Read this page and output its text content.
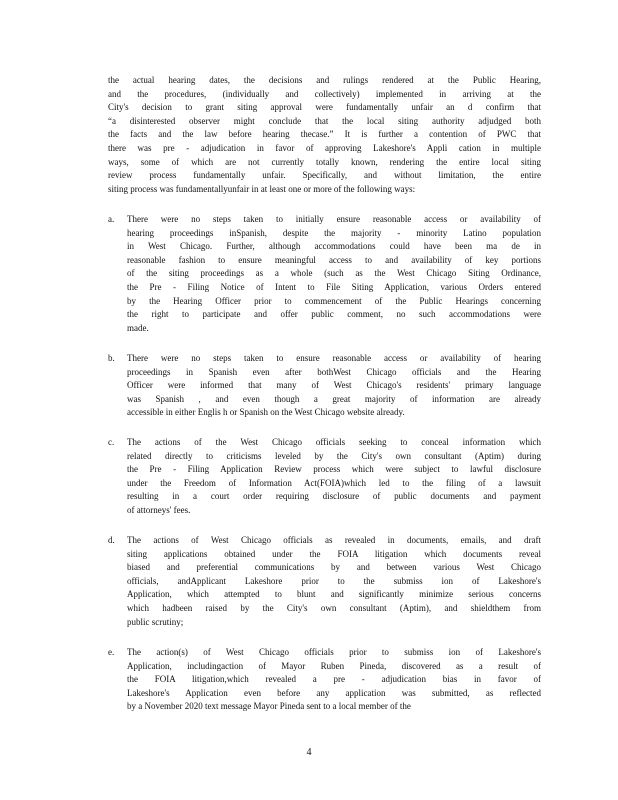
the actual hearing dates, the decisions and rulings rendered at the Public Hearing,
and the procedures, (individually and collectively) implemented in arriving at the
City's decision to grant siting approval were fundamentally unfair an d confirm that
“a disinterested observer might conclude that the local siting authority adjudged both
the facts and the law before hearing thecase.” It is further a contention of PWC that
there was pre - adjudication in favor of approving Lakeshore's Appli cation in multiple
ways, some of which are not currently totally known, rendering the entire local siting
review process fundamentally unfair. Specifically, and without limitation, the entire
siting process was fundamentallyunfair in at least one or more of the following ways:
a. There were no steps taken to initially ensure reasonable access or availability of
hearing proceedings inSpanish, despite the majority - minority Latino population
in West Chicago. Further, although accommodations could have been ma de in
reasonable fashion to ensure meaningful access to and availability of key portions
of the siting proceedings as a whole (such as the West Chicago Siting Ordinance,
the Pre - Filing Notice of Intent to File Siting Application, various Orders entered
by the Hearing Officer prior to commencement of the Public Hearings concerning
the right to participate and offer public comment, no such accommodations were
made.
b. There were no steps taken to ensure reasonable access or availability of hearing
proceedings in Spanish even after bothWest Chicago officials and the Hearing
Officer were informed that many of West Chicago's residents' primary language
was Spanish , and even though a great majority of information are already
accessible in either Englis h or Spanish on the West Chicago website already.
c. The actions of the West Chicago officials seeking to conceal information which
related directly to criticisms leveled by the City's own consultant (Aptim) during
the Pre - Filing Application Review process which were subject to lawful disclosure
under the Freedom of Information Act(FOIA)which led to the filing of a lawsuit
resulting in a court order requiring disclosure of public documents and payment
of attorneys' fees.
d. The actions of West Chicago officials as revealed in documents, emails, and draft
siting applications obtained under the FOIA litigation which documents reveal
biased and preferential communications by and between various West Chicago
officials, andApplicant Lakeshore prior to the submiss ion of Lakeshore's
Application, which attempted to blunt and significantly minimize serious concerns
which hadbeen raised by the City's own consultant (Aptim), and shieldthem from
public scrutiny;
e. The action(s) of West Chicago officials prior to submiss ion of Lakeshore's
Application, includingaction of Mayor Ruben Pineda, discovered as a result of
the FOIA litigation,which revealed a pre - adjudication bias in favor of
Lakeshore's Application even before any application was submitted, as reflected
by a November 2020 text message Mayor Pineda sent to a local member of the
4
